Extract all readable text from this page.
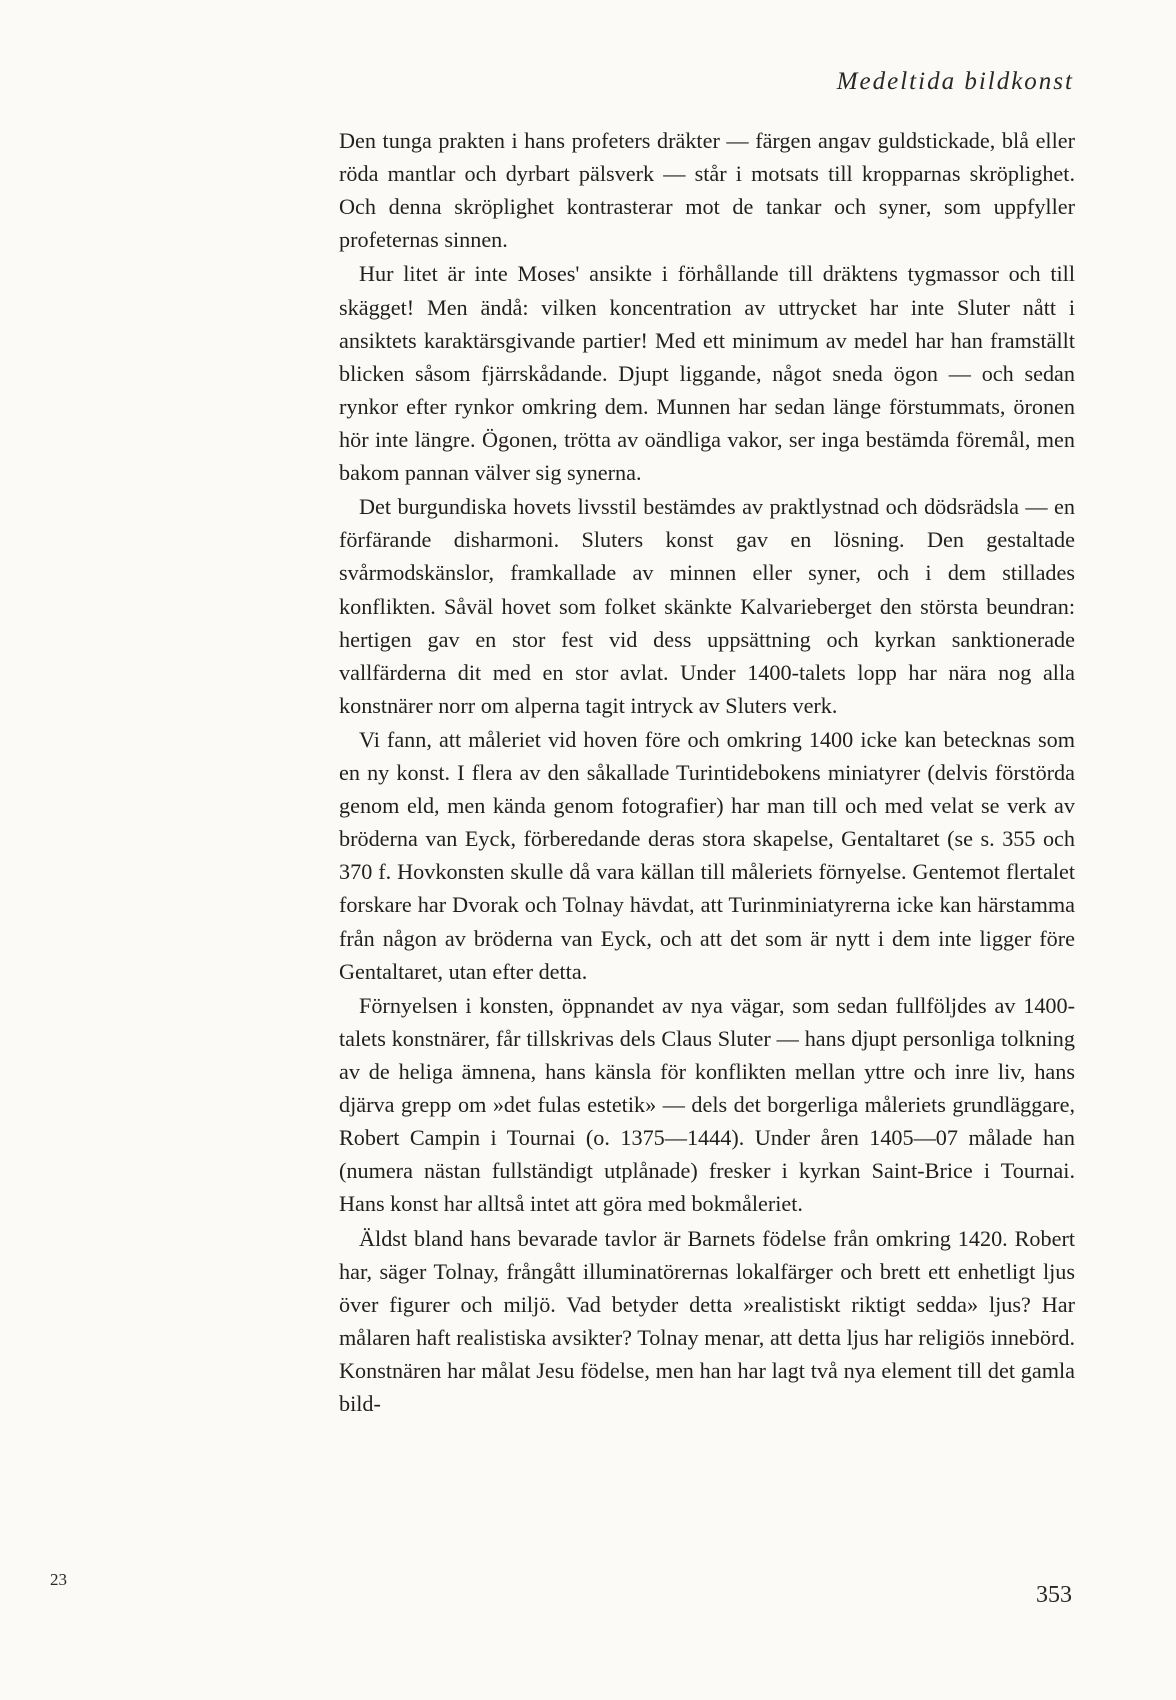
Medeltida bildkonst

Den tunga prakten i hans profeters dräkter — färgen angav guldstickade, blå eller röda mantlar och dyrbart pälsverk — står i motsats till kropparnas skröplighet. Och denna skröplighet kontrasterar mot de tankar och syner, som uppfyller profeternas sinnen.

Hur litet är inte Moses' ansikte i förhållande till dräktens tygmassor och till skägget! Men ändå: vilken koncentration av uttrycket har inte Sluter nått i ansiktets karaktärsgivande partier! Med ett minimum av medel har han framställt blicken såsom fjärrskådande. Djupt liggande, något sneda ögon — och sedan rynkor efter rynkor omkring dem. Munnen har sedan länge förstummats, öronen hör inte längre. Ögonen, trötta av oändliga vakor, ser inga bestämda föremål, men bakom pannan välver sig synerna.

Det burgundiska hovets livsstil bestämdes av praktlystnad och dödsrädsla — en förfärande disharmoni. Sluters konst gav en lösning. Den gestaltade svårmodskänslor, framkallade av minnen eller syner, och i dem stillades konflikten. Såväl hovet som folket skänkte Kalvarieberget den största beundran: hertigen gav en stor fest vid dess uppsättning och kyrkan sanktionerade vallfärderna dit med en stor avlat. Under 1400-talets lopp har nära nog alla konstnärer norr om alperna tagit intryck av Sluters verk.

Vi fann, att måleriet vid hoven före och omkring 1400 icke kan betecknas som en ny konst. I flera av den såkallade Turintidebokens miniatyrer (delvis förstörda genom eld, men kända genom fotografier) har man till och med velat se verk av bröderna van Eyck, förberedande deras stora skapelse, Gentaltaret (se s. 355 och 370 f. Hovkonsten skulle då vara källan till måleriets förnyelse. Gentemot flertalet forskare har Dvorak och Tolnay hävdat, att Turinminiatyrerna icke kan härstamma från någon av bröderna van Eyck, och att det som är nytt i dem inte ligger före Gentaltaret, utan efter detta.

Förnyelsen i konsten, öppnandet av nya vägar, som sedan fullföljdes av 1400-talets konstnärer, får tillskrivas dels Claus Sluter — hans djupt personliga tolkning av de heliga ämnena, hans känsla för konflikten mellan yttre och inre liv, hans djärva grepp om »det fulas estetik» — dels det borgerliga måleriets grundläggare, Robert Campin i Tournai (o. 1375—1444). Under åren 1405—07 målade han (numera nästan fullständigt utplånade) fresker i kyrkan Saint-Brice i Tournai. Hans konst har alltså intet att göra med bokmåleriet.

Äldst bland hans bevarade tavlor är Barnets födelse från omkring 1420. Robert har, säger Tolnay, frångått illuminatörernas lokalfärger och brett ett enhetligt ljus över figurer och miljö. Vad betyder detta »realistiskt riktigt sedda» ljus? Har målaren haft realistiska avsikter? Tolnay menar, att detta ljus har religiös innebörd. Konstnären har målat Jesu födelse, men han har lagt två nya element till det gamla bild-

23
353
